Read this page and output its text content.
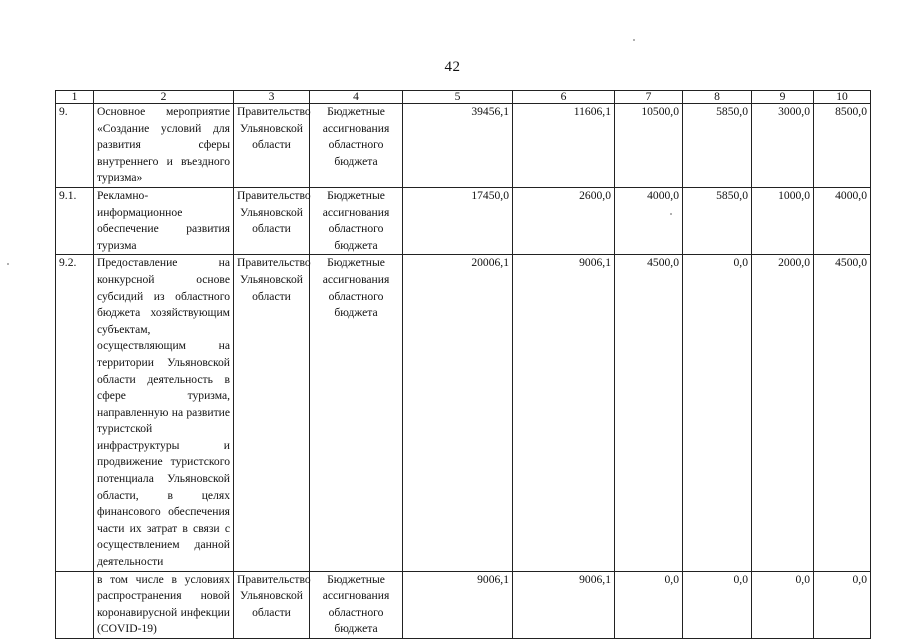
42
1	2	3	4	5	6	7	8	9	10
9.	Основное мероприятие «Создание условий для развития сферы внутреннего и въездного туризма»	Правительство Ульяновской области	Бюджетные ассигнования областного бюджета	39456,1	11606,1	10500,0	5850,0	3000,0	8500,0
9.1.	Рекламно-информационное обеспечение развития туризма	Правительство Ульяновской области	Бюджетные ассигнования областного бюджета	17450,0	2600,0	4000,0	5850,0	1000,0	4000,0
9.2.	Предоставление на конкурсной основе субсидий из областного бюджета хозяйствующим субъектам, осуществляющим на территории Ульяновской области деятельность в сфере туризма, направленную на развитие туристской инфраструктуры и продвижение туристского потенциала Ульяновской области, в целях финансового обеспечения части их затрат в связи с осуществлением данной деятельности	Правительство Ульяновской области	Бюджетные ассигнования областного бюджета	20006,1	9006,1	4500,0	0,0	2000,0	4500,0
	в том числе в условиях распространения новой коронавирусной инфекции (COVID-19)	Правительство Ульяновской области	Бюджетные ассигнования областного бюджета	9006,1	9006,1	0,0	0,0	0,0	0,0
